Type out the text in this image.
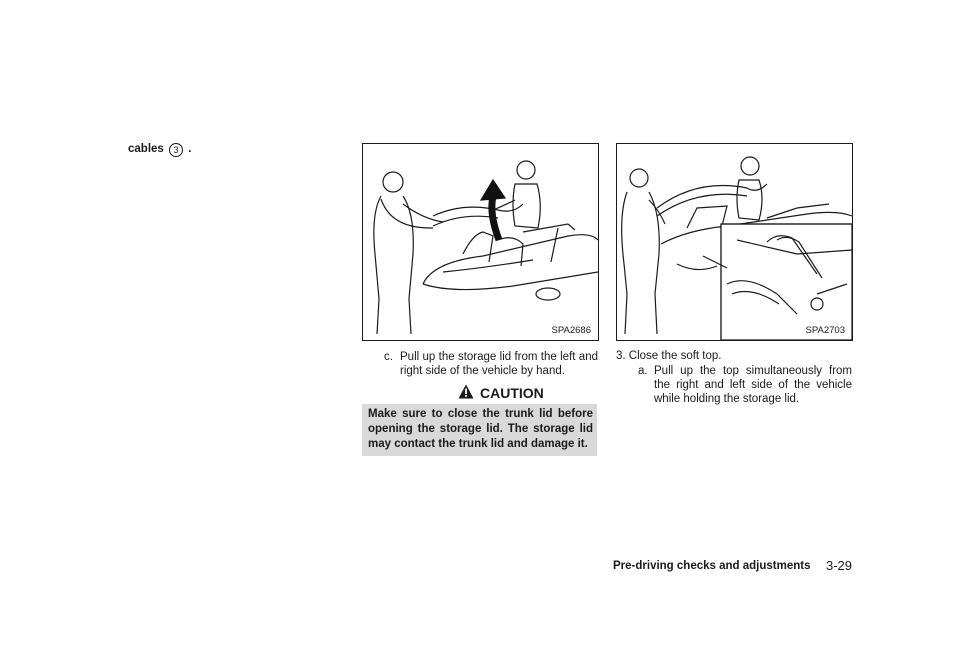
cables 3 .
SPA2686	SPA2703
c. Pull up the storage lid from the left and right side of the vehicle by hand.
CAUTION
Make sure to close the trunk lid before opening the storage lid. The storage lid may contact the trunk lid and damage it.
3. Close the soft top.
a. Pull up the top simultaneously from the right and left side of the vehicle while holding the storage lid.
Pre-driving checks and adjustments 3-29
